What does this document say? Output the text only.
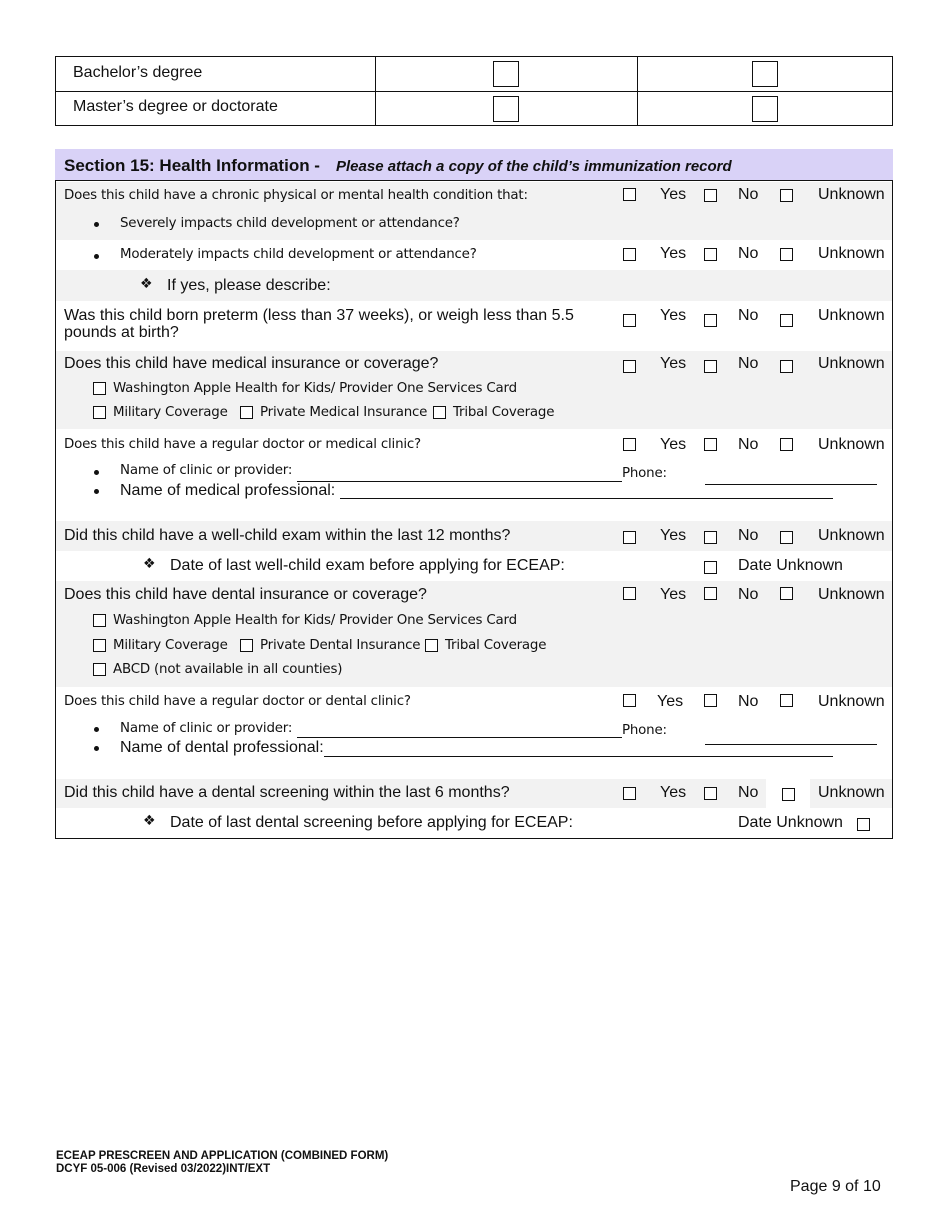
Bachelor’s degree
Master’s degree or doctorate
Section 15: Health Information - Please attach a copy of the child’s immunization record
Does this child have a chronic physical or mental health condition that:	Yes	No	Unknown
Severely impacts child development or attendance?
Moderately impacts child development or attendance?	Yes	No	Unknown
❖ If yes, please describe:
Was this child born preterm (less than 37 weeks), or weigh less than 5.5 pounds at birth?
Yes	No	Unknown
Does this child have medical insurance or coverage?	Yes	No	Unknown
Washington Apple Health for Kids/ Provider One Services Card
Military Coverage Private Medical Insurance Tribal Coverage
Does this child have a regular doctor or medical clinic?	Yes	No	Unknown
Name of clinic or provider:	Phone:
Name of medical professional:
Did this child have a well-child exam within the last 12 months?	Yes	No	Unknown
❖ Date of last well-child exam before applying for ECEAP:	Date Unknown
Does this child have dental insurance or coverage?	Yes	No	Unknown
Washington Apple Health for Kids/ Provider One Services Card
Military Coverage Private Dental Insurance Tribal Coverage
ABCD (not available in all counties)
Does this child have a regular doctor or dental clinic?	Yes	No	Unknown
Name of clinic or provider:	Phone:
Name of dental professional:
Did this child have a dental screening within the last 6 months?	Yes	No	Unknown
❖ Date of last dental screening before applying for ECEAP:	Date Unknown
ECEAP PRESCREEN AND APPLICATION (COMBINED FORM)
DCYF 05-006 (Revised 03/2022)INT/EXT
Page 9 of 10
